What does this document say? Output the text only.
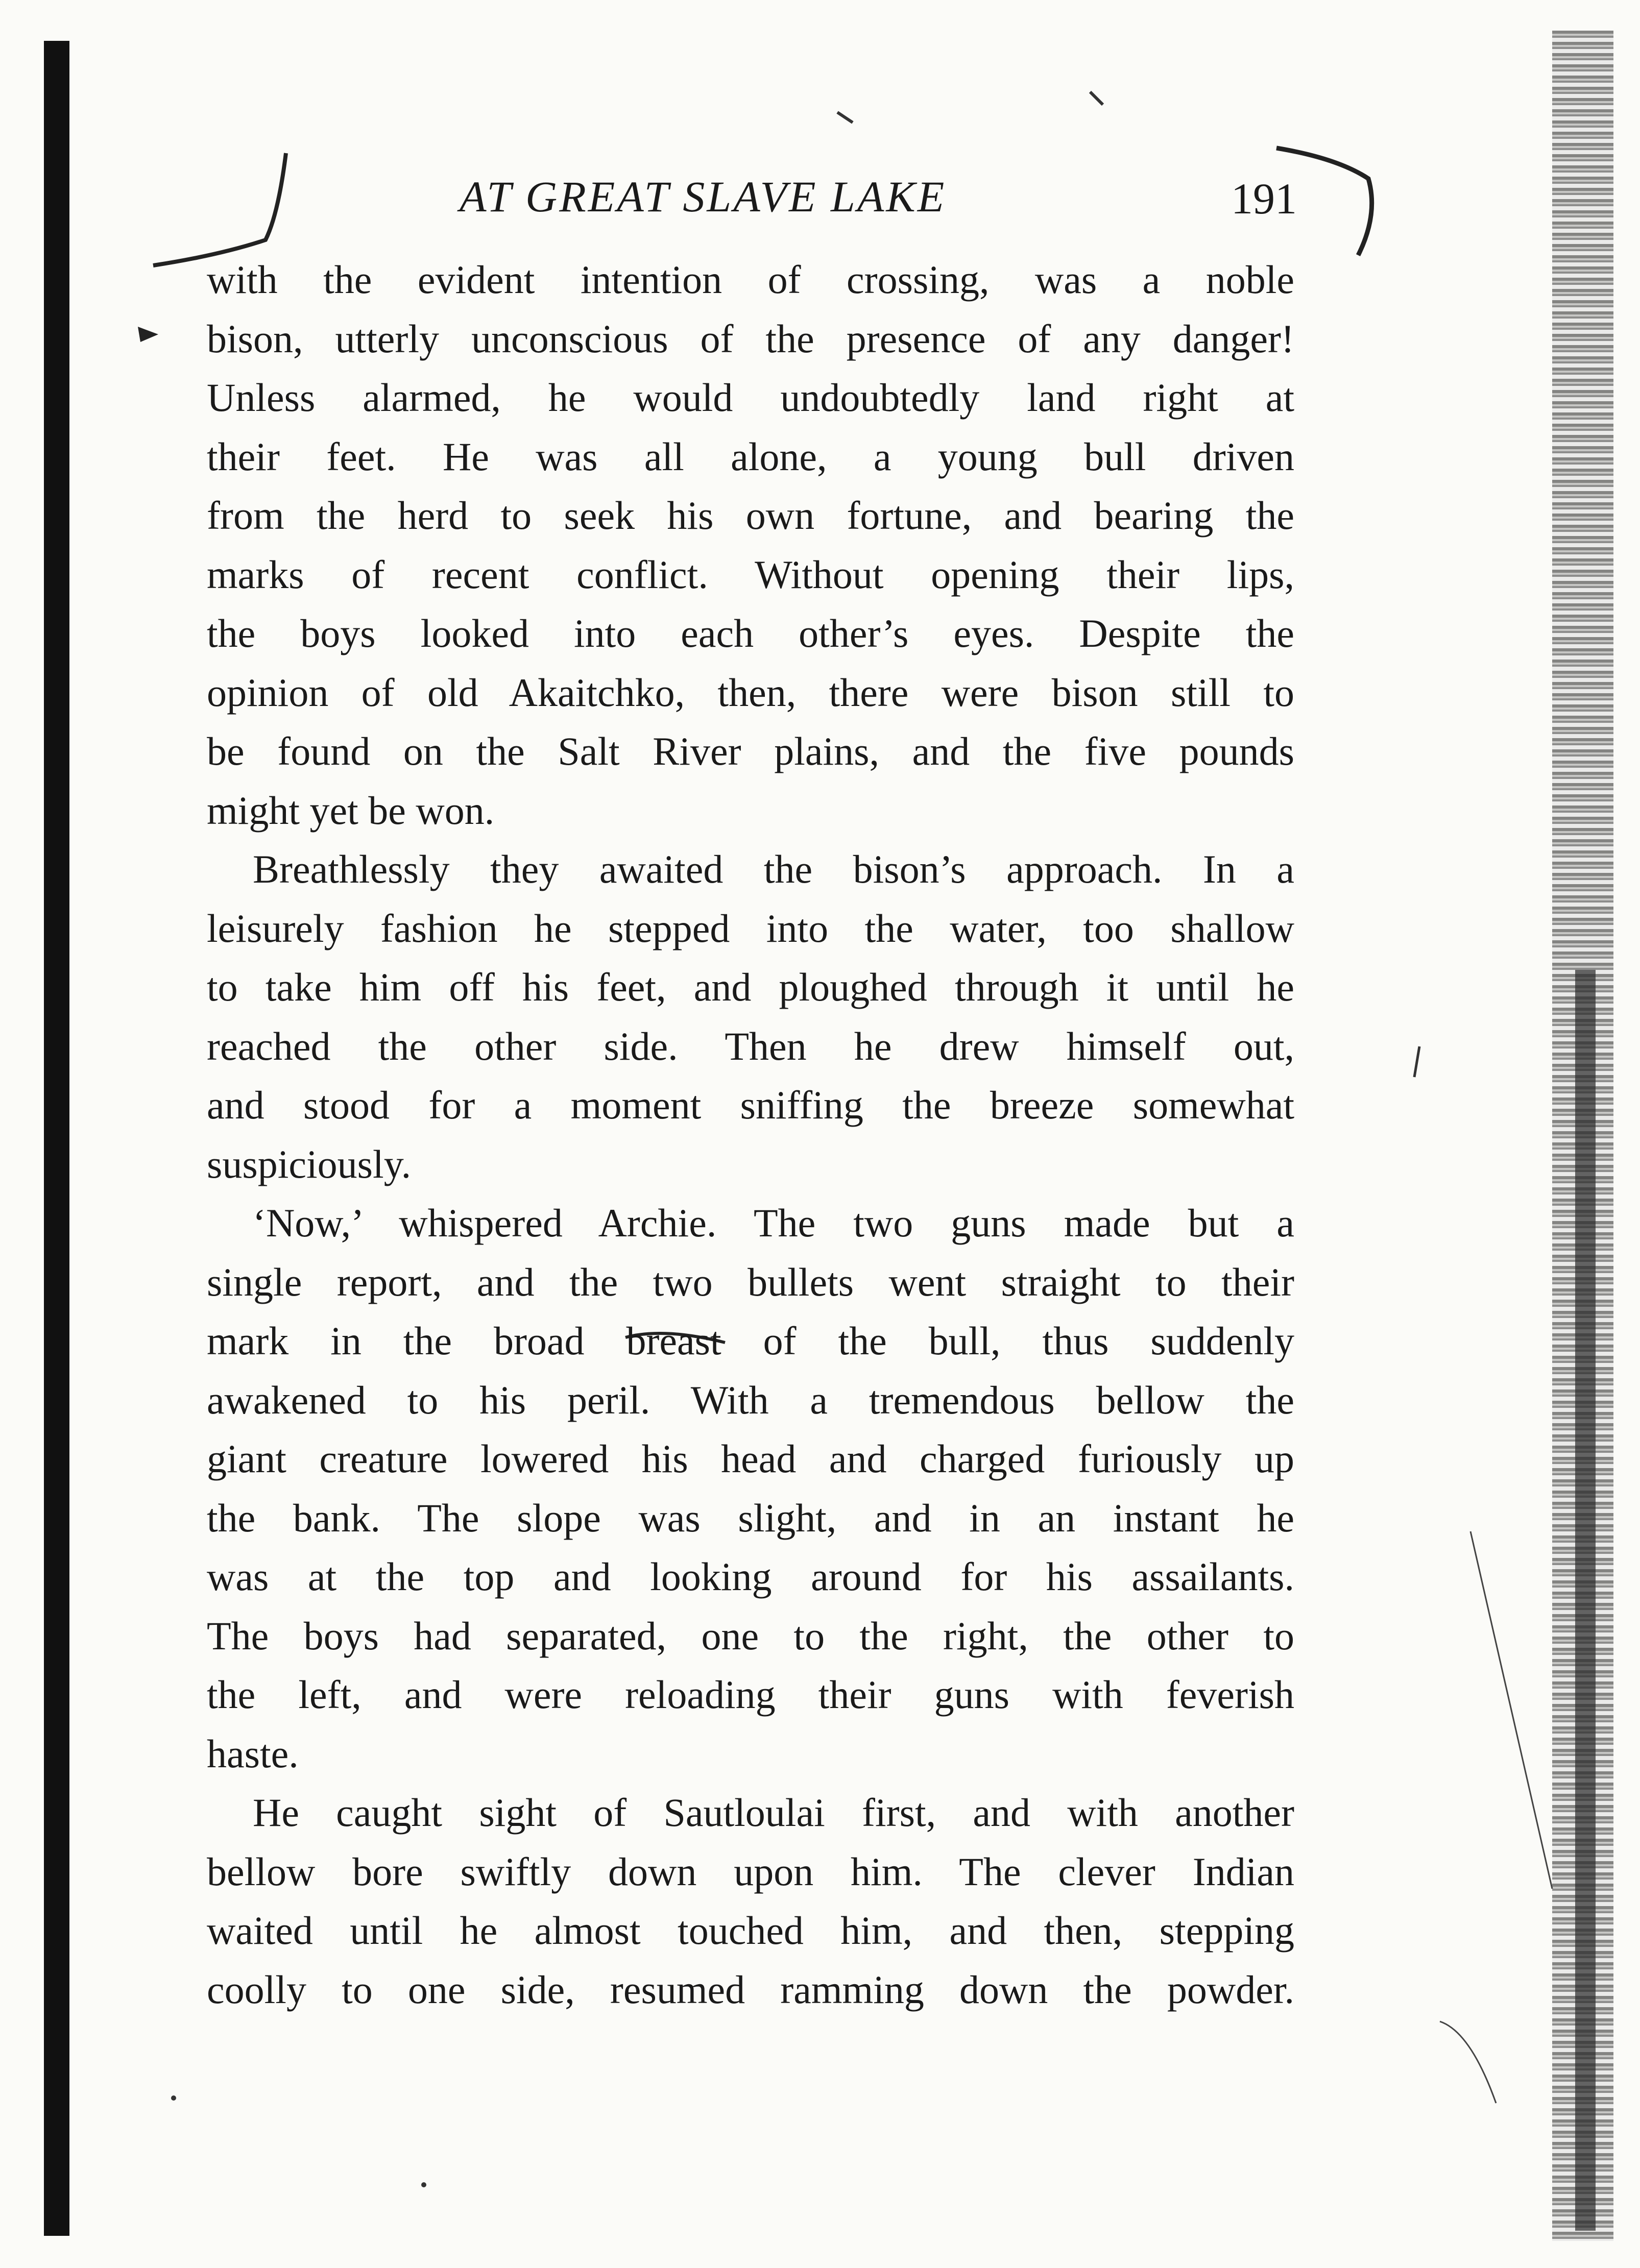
AT GREAT SLAVE LAKE	191
with the evident intention of crossing, was a noble
bison, utterly unconscious of the presence of any danger!
Unless alarmed, he would undoubtedly land right at
their feet. He was all alone, a young bull driven
from the herd to seek his own fortune, and bearing the
marks of recent conflict. Without opening their lips,
the boys looked into each other’s eyes. Despite the
opinion of old Akaitchko, then, there were bison still to
be found on the Salt River plains, and the five pounds
might yet be won.
Breathlessly they awaited the bison’s approach. In a
leisurely fashion he stepped into the water, too shallow
to take him off his feet, and ploughed through it until he
reached the other side. Then he drew himself out,
and stood for a moment sniffing the breeze somewhat
suspiciously.
‘Now,’ whispered Archie. The two guns made but a
single report, and the two bullets went straight to their
mark in the broad breast of the bull, thus suddenly
awakened to his peril. With a tremendous bellow the
giant creature lowered his head and charged furiously up
the bank. The slope was slight, and in an instant he
was at the top and looking around for his assailants.
The boys had separated, one to the right, the other to
the left, and were reloading their guns with feverish
haste.
He caught sight of Sautloulai first, and with another
bellow bore swiftly down upon him. The clever Indian
waited until he almost touched him, and then, stepping
coolly to one side, resumed ramming down the powder.
